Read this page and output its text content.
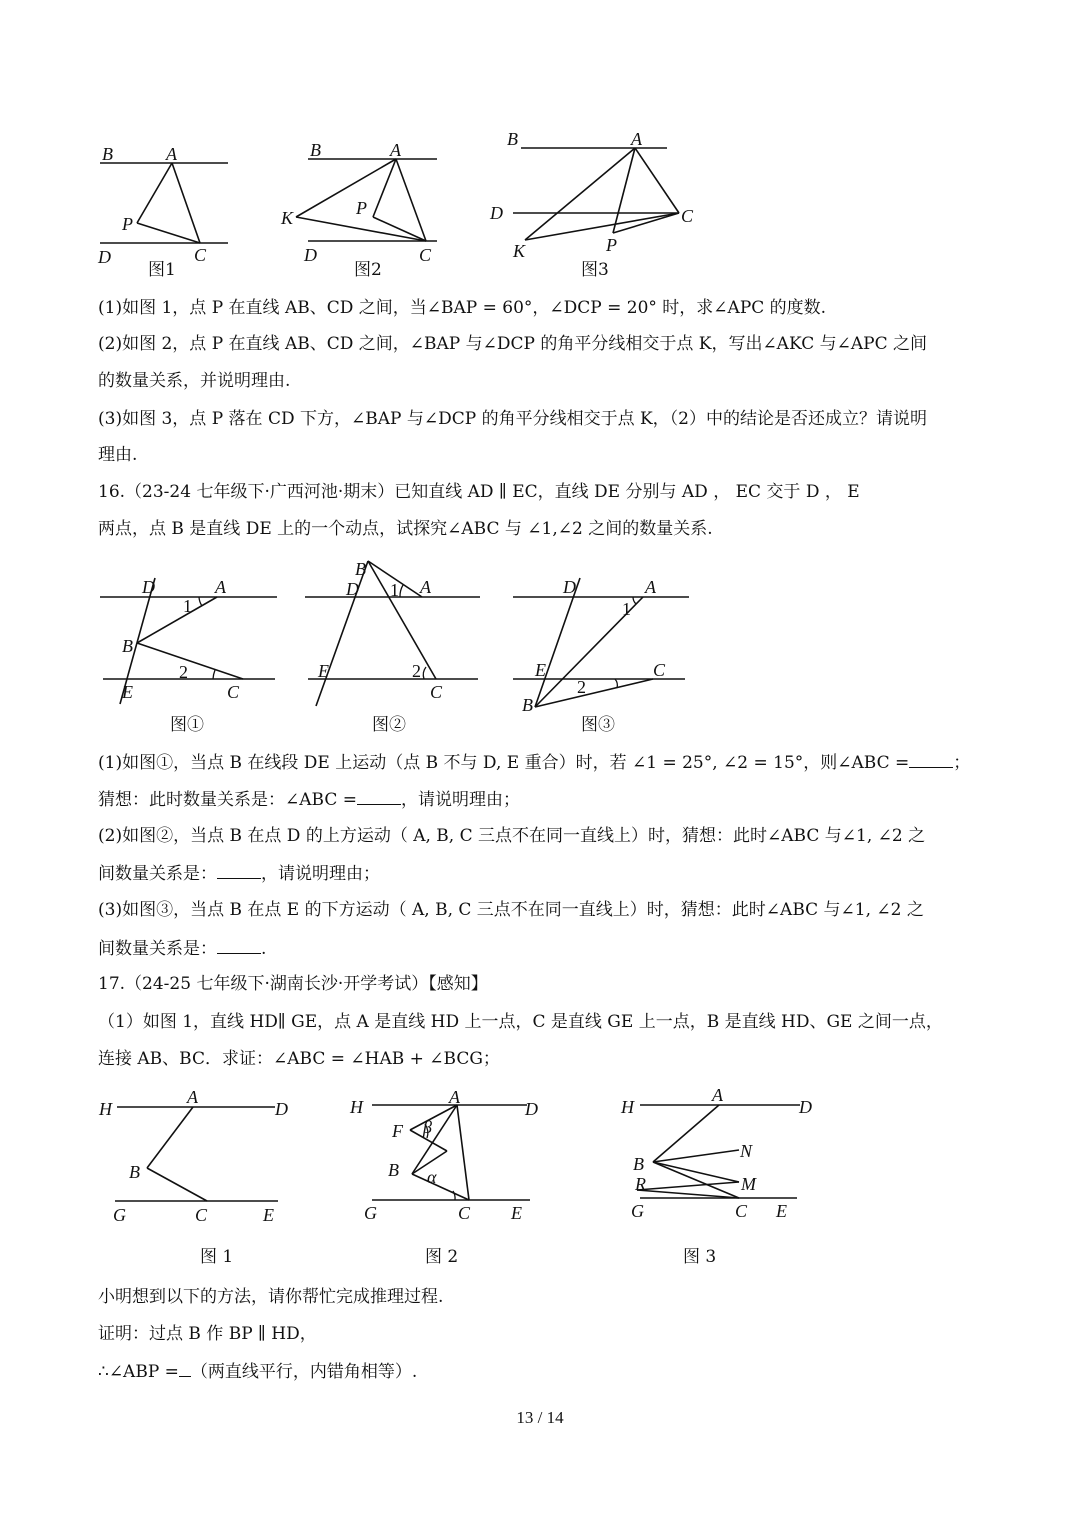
B	A
P
D	C
图1
B	A
K	P
D	C
图2
B	A
D	C
K	P
图3
(1)如图 1，点 P 在直线 AB、CD 之间，当∠BAP = 60°，∠DCP = 20° 时，求∠APC 的度数.
(2)如图 2，点 P 在直线 AB、CD 之间，∠BAP 与∠DCP 的角平分线相交于点 K，写出∠AKC 与∠APC 之间
的数量关系，并说明理由.
(3)如图 3，点 P 落在 CD 下方，∠BAP 与∠DCP 的角平分线相交于点 K，（2）中的结论是否还成立？请说明
理由.
16.（23-24 七年级下·广西河池·期末）已知直线 AD ∥ EC，直线 DE 分别与 AD ， EC 交于 D ， E
两点，点 B 是直线 DE 上的一个动点，试探究∠ABC 与 ∠1,∠2 之间的数量关系.
D	A
1
B
2
E	C
图①
B
D 1 A
E	2
C
图②
D	A
1
E	C
2
B
图③
(1)如图①，当点 B 在线段 DE 上运动（点 B 不与 D, E 重合）时，若 ∠1 = 25°, ∠2 = 15°，则∠ABC =	；
猜想：此时数量关系是：∠ABC =	，请说明理由；
(2)如图②，当点 B 在点 D 的上方运动（ A, B, C 三点不在同一直线上）时，猜想：此时∠ABC 与∠1, ∠2 之
间数量关系是：	，请说明理由；
(3)如图③，当点 B 在点 E 的下方运动（ A, B, C 三点不在同一直线上）时，猜想：此时∠ABC 与∠1, ∠2 之
间数量关系是：	.
17.（24-25 七年级下·湖南长沙·开学考试）【感知】
（1）如图 1，直线 HD∥ GE，点 A 是直线 HD 上一点，C 是直线 GE 上一点，B 是直线 HD、GE 之间一点，
连接 AB、BC．求证：∠ABC = ∠HAB + ∠BCG；
H
A
D
B
G	C	E
图 1
H	A
D
F β
B α
G	C E
图 2
H
A
D
N
B
R	M
G	C E
图 3
小明想到以下的方法，请你帮忙完成推理过程.
证明：过点 B 作 BP ∥ HD，
∴∠ABP = （两直线平行，内错角相等）.
13 / 14
